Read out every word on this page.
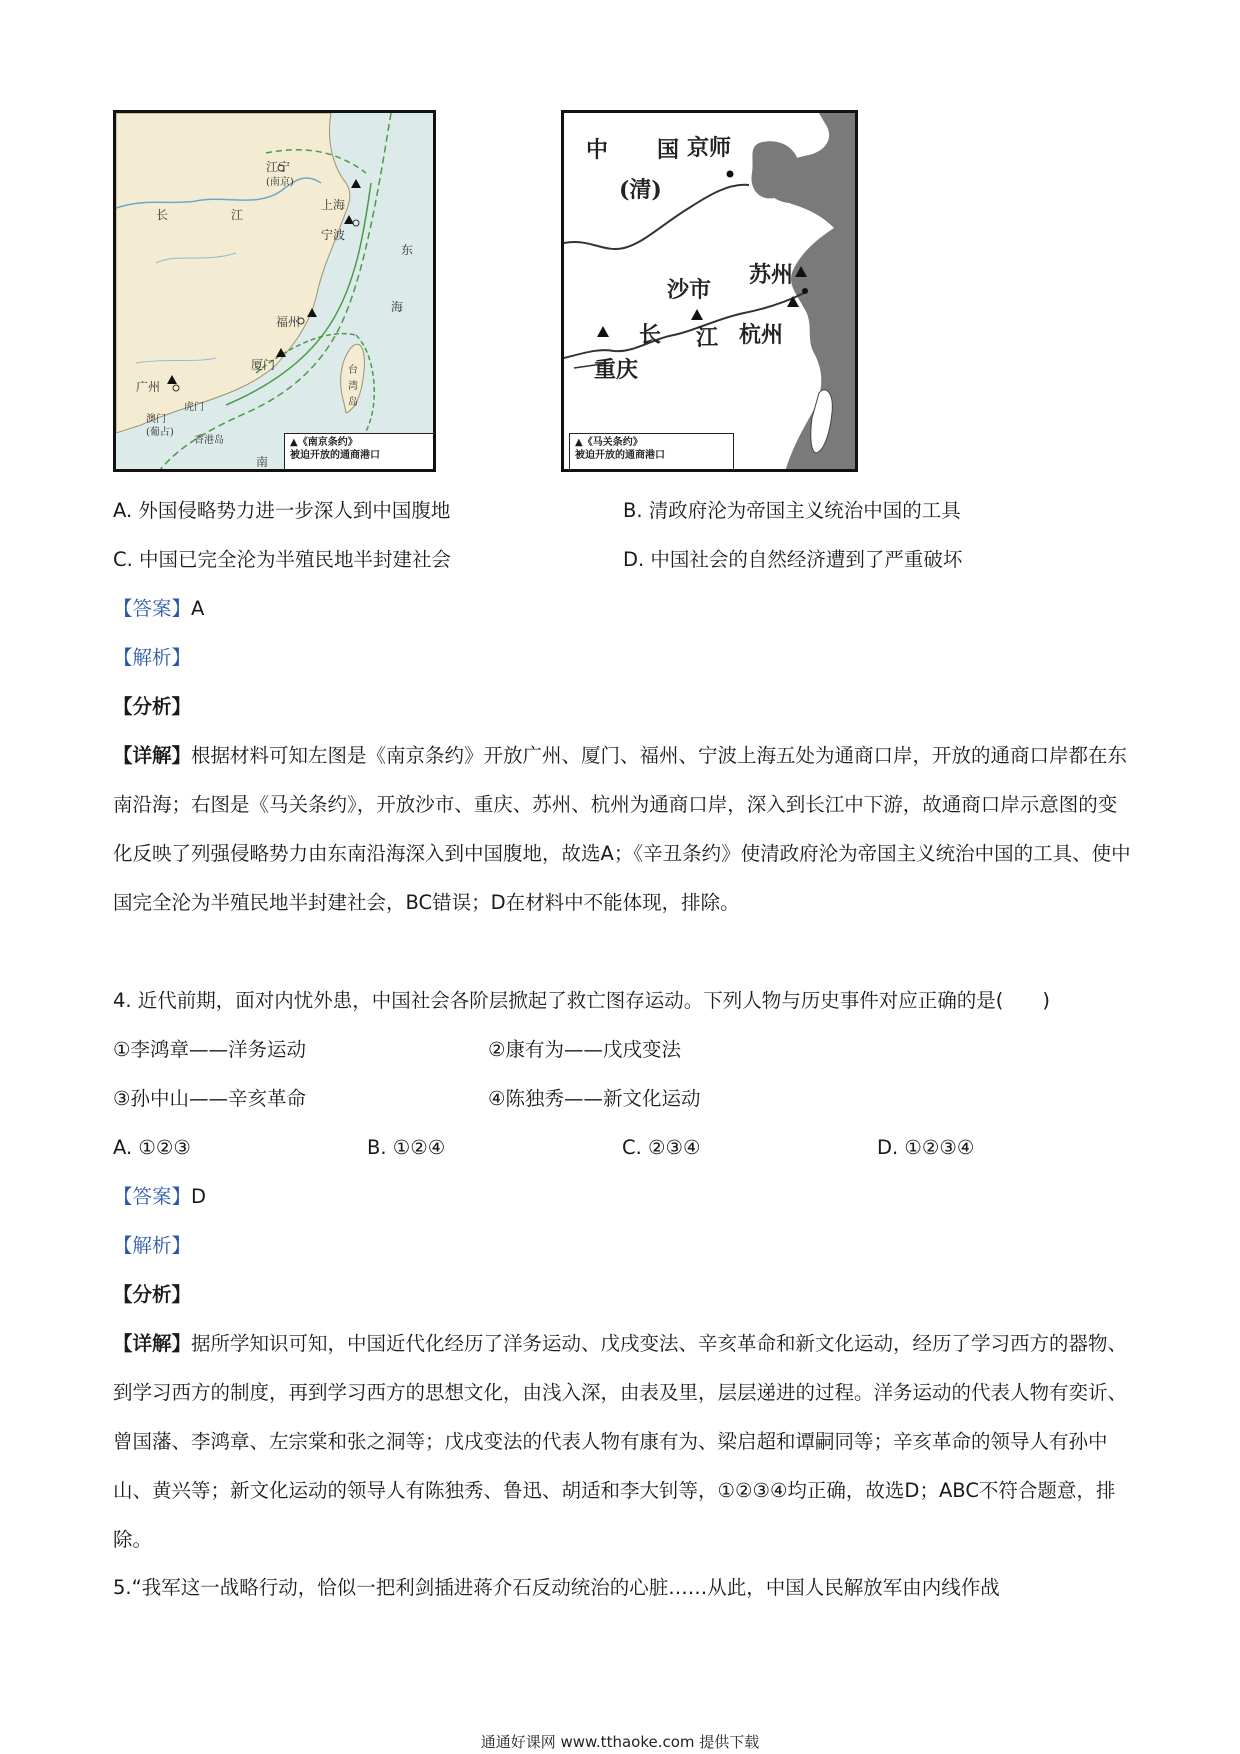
江宁
(南京)
长	江
上海
宁波
福州
厦门
广州
虎门
澳门
(葡占)
香港岛
东
海
台
湾
岛
南
▲《南京条约》
被迫开放的通商港口
中 国 京师
(清)
苏州
沙市
长 江 杭州
重庆
▲《马关条约》
被迫开放的通商港口
A. 外国侵略势力进一步深人到中国腹地	B. 清政府沦为帝国主义统治中国的工具
C. 中国已完全沦为半殖民地半封建社会	D. 中国社会的自然经济遭到了严重破坏
【答案】A
【解析】
【分析】
【详解】根据材料可知左图是《南京条约》开放广州、厦门、福州、宁波上海五处为通商口岸，开放的通商口岸都在东南沿海；右图是《马关条约》，开放沙市、重庆、苏州、杭州为通商口岸，深入到长江中下游，故通商口岸示意图的变化反映了列强侵略势力由东南沿海深入到中国腹地，故选A；《辛丑条约》使清政府沦为帝国主义统治中国的工具、使中国完全沦为半殖民地半封建社会，BC错误；D在材料中不能体现，排除。
4. 近代前期，面对内忧外患，中国社会各阶层掀起了救亡图存运动。下列人物与历史事件对应正确的是(　　)
①李鸿章——洋务运动	②康有为——戊戌变法
③孙中山——辛亥革命	④陈独秀——新文化运动
A. ①②③	B. ①②④	C. ②③④	D. ①②③④
【答案】D
【解析】
【分析】
【详解】据所学知识可知，中国近代化经历了洋务运动、戊戌变法、辛亥革命和新文化运动，经历了学习西方的器物、到学习西方的制度，再到学习西方的思想文化，由浅入深，由表及里，层层递进的过程。洋务运动的代表人物有奕䜣、曾国藩、李鸿章、左宗棠和张之洞等；戊戌变法的代表人物有康有为、梁启超和谭嗣同等；辛亥革命的领导人有孙中山、黄兴等；新文化运动的领导人有陈独秀、鲁迅、胡适和李大钊等，①②③④均正确，故选D；ABC不符合题意，排除。
5.“我军这一战略行动，恰似一把利剑插进蒋介石反动统治的心脏……从此，中国人民解放军由内线作战
通通好课网 www.tthaoke.com 提供下载
